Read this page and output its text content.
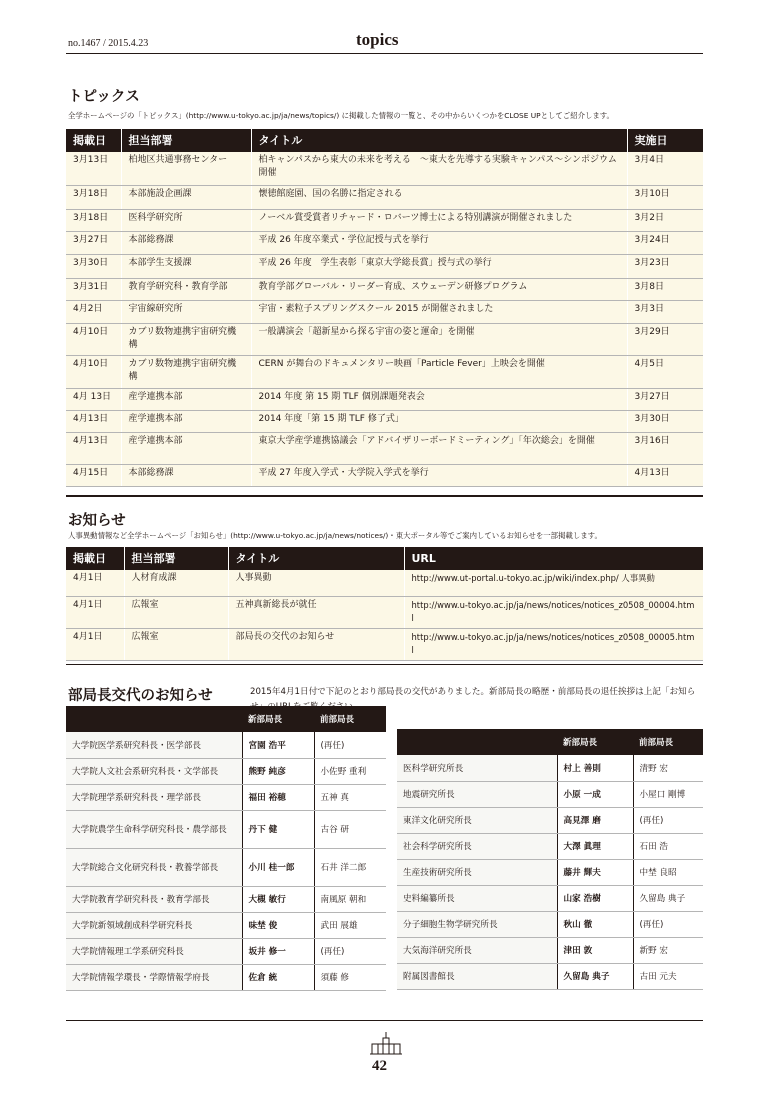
no.1467 / 2015.4.23	topics
トピックス
全学ホームページの「トピックス」(http://www.u-tokyo.ac.jp/ja/news/topics/) に掲載した情報の一覧と、その中からいくつかをCLOSE UPとしてご紹介します。
掲載日	担当部署	タイトル	実施日
3月13日	柏地区共通事務センター	柏キャンパスから東大の未来を考える　～東大を先導する実験キャンパス～シンポジウム開催	3月4日
3月18日	本部施設企画課	懐徳館庭園、国の名勝に指定される	3月10日
3月18日	医科学研究所	ノーベル賞受賞者リチャード・ロバーツ博士による特別講演が開催されました	3月2日
3月27日	本部総務課	平成 26 年度卒業式・学位記授与式を挙行	3月24日
3月30日	本部学生支援課	平成 26 年度　学生表彰「東京大学総長賞」授与式の挙行	3月23日
3月31日	教育学研究科・教育学部	教育学部グローバル・リーダー育成、スウェーデン研修プログラム	3月8日
4月2日	宇宙線研究所	宇宙・素粒子スプリングスクール 2015 が開催されました	3月3日
4月10日	カブリ数物連携宇宙研究機構	一般講演会「超新星から探る宇宙の姿と運命」を開催	3月29日
4月10日	カブリ数物連携宇宙研究機構	CERN が舞台のドキュメンタリー映画「Particle Fever」上映会を開催	4月5日
4月 13日	産学連携本部	2014 年度 第 15 期 TLF 個別課題発表会	3月27日
4月13日	産学連携本部	2014 年度「第 15 期 TLF 修了式」	3月30日
4月13日	産学連携本部	東京大学産学連携協議会「アドバイザリーボードミーティング」「年次総会」を開催	3月16日
4月15日	本部総務課	平成 27 年度入学式・大学院入学式を挙行	4月13日
お知らせ
人事異動情報など全学ホームページ「お知らせ」(http://www.u-tokyo.ac.jp/ja/news/notices/)・東大ポータル等でご案内しているお知らせを一部掲載します。
掲載日	担当部署	タイトル	URL
4月1日	人材育成課	人事異動	http://www.ut-portal.u-tokyo.ac.jp/wiki/index.php/ 人事異動
4月1日	広報室	五神真新総長が就任	http://www.u-tokyo.ac.jp/ja/news/notices/notices_z0508_00004.html
4月1日	広報室	部局長の交代のお知らせ	http://www.u-tokyo.ac.jp/ja/news/notices/notices_z0508_00005.html
部局長交代のお知らせ	2015年4月1日付で下記のとおり部局長の交代がありました。新部局長の略歴・前部局長の退任挨拶は上記「お知ら
	新部局長	前部局長
大学院医学系研究科長・医学部長	宮園 浩平	(再任)
大学院人文社会系研究科長・文学部長	熊野 純彦	小佐野 重利
大学院理学系研究科長・理学部長	福田 裕穂	五神 真
大学院農学生命科学研究科長・農学部長	丹下 健	古谷 研
大学院総合文化研究科長・教養学部長	小川 桂一郎	石井 洋二郎
大学院教育学研究科長・教育学部長	大槻 敏行	南風原 朝和
大学院新領域創成科学研究科長	味埜 俊	武田 展雄
大学院情報理工学系研究科長	坂井 修一	(再任)
大学院情報学環長・学際情報学府長	佐倉 統	須藤 修
	新部局長	前部局長
医科学研究所長	村上 善則	清野 宏
地震研究所長	小原 一成	小屋口 剛博
東洋文化研究所長	高見澤 磨	(再任)
社会科学研究所長	大澤 眞理	石田 浩
生産技術研究所長	藤井 輝夫	中埜 良昭
史料編纂所長	山家 浩樹	久留島 典子
分子細胞生物学研究所長	秋山 徹	(再任)
大気海洋研究所長	津田 敦	新野 宏
附属図書館長	久留島 典子	古田 元夫
42
